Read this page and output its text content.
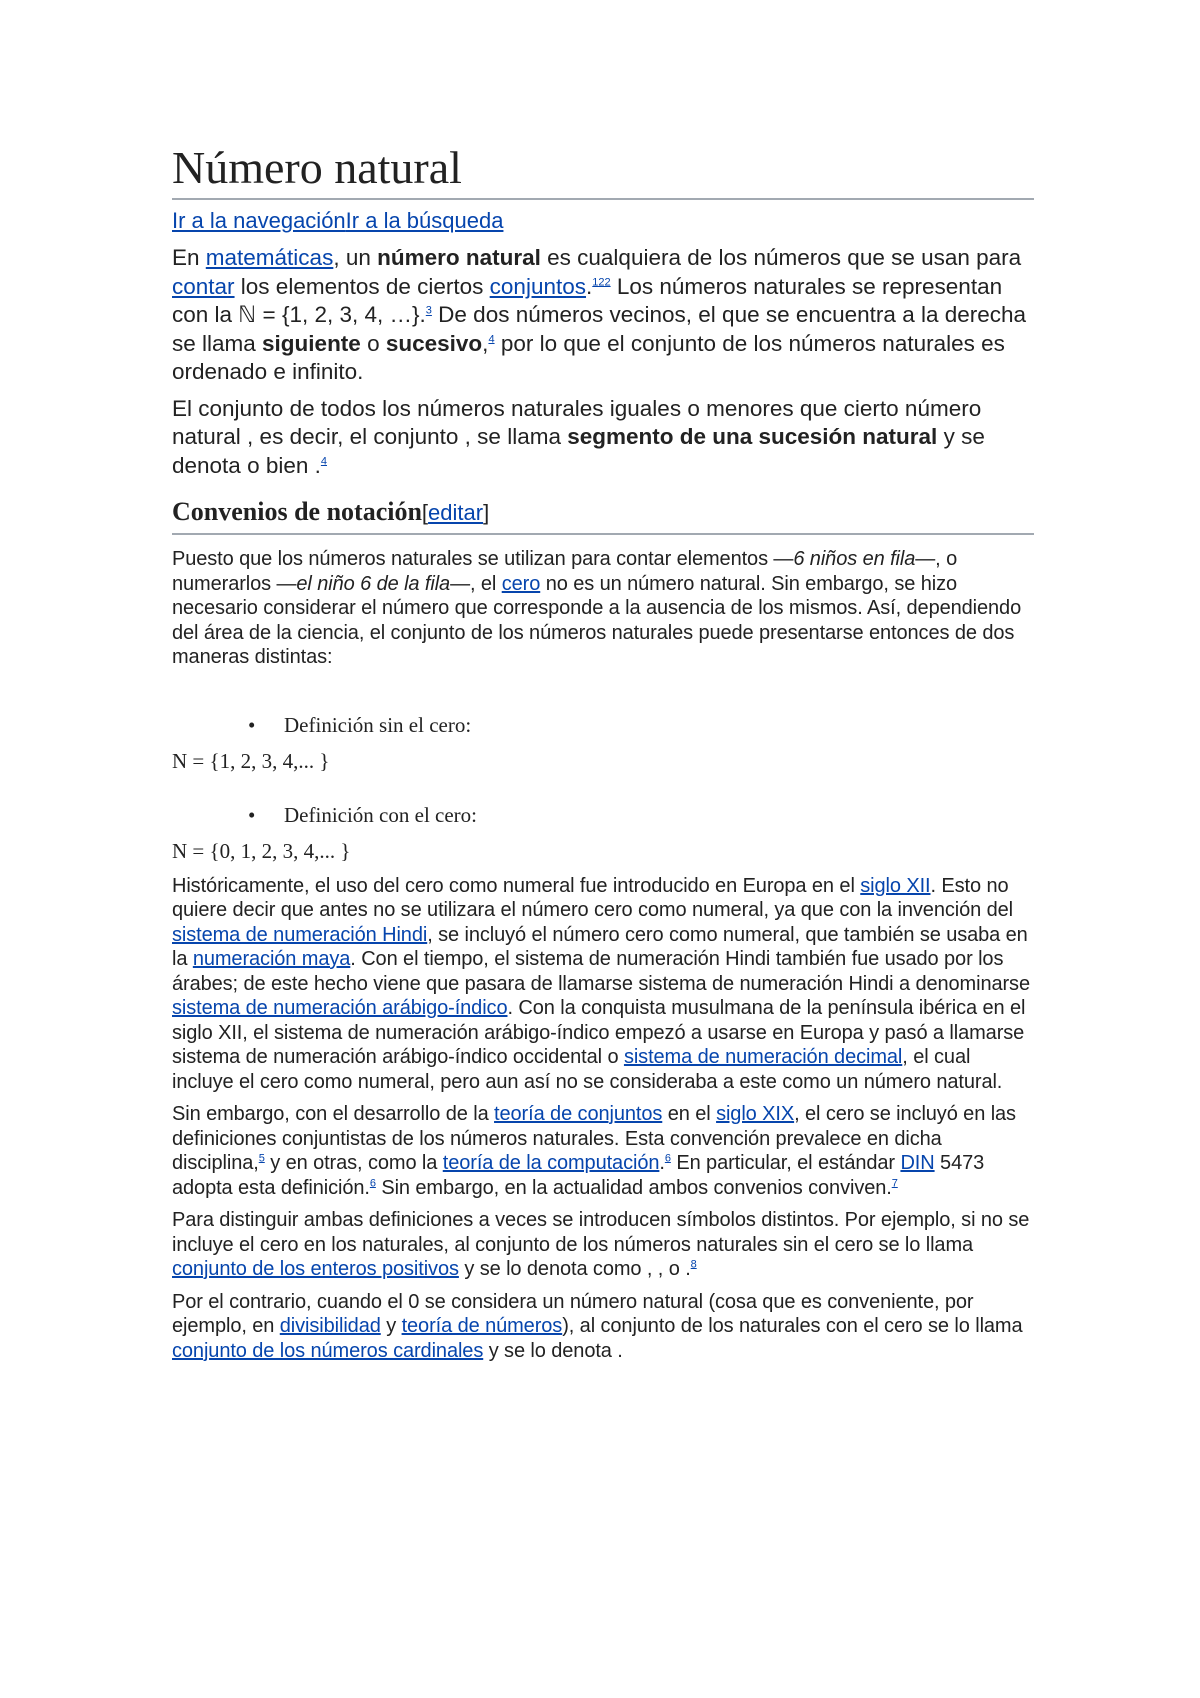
Número natural
Ir a la navegaciónIr a la búsqueda

En matemáticas, un número natural es cualquiera de los números que se usan para contar los elementos de ciertos conjuntos.$^{1​2​2}$ Los números naturales se representan con la ℕ = {1, 2, 3, 4, …}.$^3$ De dos números vecinos, el que se encuentra a la derecha se llama siguiente o sucesivo,$^4$ por lo que el conjunto de los números naturales es ordenado e infinito.

El conjunto de todos los números naturales iguales o menores que cierto número natural , es decir, el conjunto , se llama segmento de una sucesión natural y se denota o bien .$^4$

Convenios de notación[editar]

Puesto que los números naturales se utilizan para contar elementos —6 niños en fila—, o numerarlos —el niño 6 de la fila—, el cero no es un número natural. Sin embargo, se hizo necesario considerar el número que corresponde a la ausencia de los mismos. Así, dependiendo del área de la ciencia, el conjunto de los números naturales puede presentarse entonces de dos maneras distintas:

• Definición sin el cero:
N = {1, 2, 3, 4,... }
• Definición con el cero:
N = {0, 1, 2, 3, 4,... }

Históricamente, el uso del cero como numeral fue introducido en Europa en el siglo XII. Esto no quiere decir que antes no se utilizara el número cero como numeral, ya que con la invención del sistema de numeración Hindi, se incluyó el número cero como numeral, que también se usaba en la numeración maya. Con el tiempo, el sistema de numeración Hindi también fue usado por los árabes; de este hecho viene que pasara de llamarse sistema de numeración Hindi a denominarse sistema de numeración arábigo-índico. Con la conquista musulmana de la península ibérica en el siglo XII, el sistema de numeración arábigo-índico empezó a usarse en Europa y pasó a llamarse sistema de numeración arábigo-índico occidental o sistema de numeración decimal, el cual incluye el cero como numeral, pero aun así no se consideraba a este como un número natural.

Sin embargo, con el desarrollo de la teoría de conjuntos en el siglo XIX, el cero se incluyó en las definiciones conjuntistas de los números naturales. Esta convención prevalece en dicha disciplina,$^5$ y en otras, como la teoría de la computación.$^6$ En particular, el estándar DIN 5473 adopta esta definición.$^6$ Sin embargo, en la actualidad ambos convenios conviven.$^7$

Para distinguir ambas definiciones a veces se introducen símbolos distintos. Por ejemplo, si no se incluye el cero en los naturales, al conjunto de los números naturales sin el cero se lo llama conjunto de los enteros positivos y se lo denota como , , o .$^8$

Por el contrario, cuando el 0 se considera un número natural (cosa que es conveniente, por ejemplo, en divisibilidad y teoría de números), al conjunto de los naturales con el cero se lo llama conjunto de los números cardinales y se lo denota .
